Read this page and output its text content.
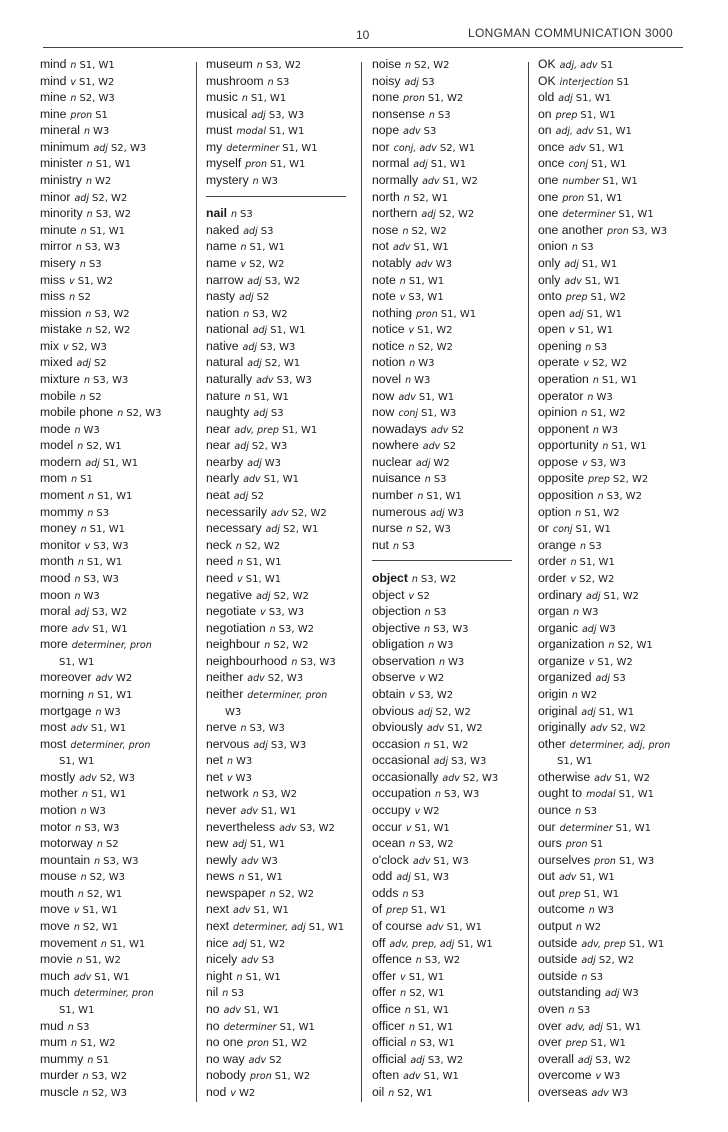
10	LONGMAN COMMUNICATION 3000
mind n S1, W1
mind v S1, W2
mine n S2, W3
mine pron S1
mineral n W3
minimum adj S2, W3
minister n S1, W1
ministry n W2
minor adj S2, W2
minority n S3, W2
minute n S1, W1
mirror n S3, W3
misery n S3
miss v S1, W2
miss n S2
mission n S3, W2
mistake n S2, W2
mix v S2, W3
mixed adj S2
mixture n S3, W3
mobile n S2
mobile phone n S2, W3
mode n W3
model n S2, W1
modern adj S1, W1
mom n S1
moment n S1, W1
mommy n S3
money n S1, W1
monitor v S3, W3
month n S1, W1
mood n S3, W3
moon n W3
moral adj S3, W2
more adv S1, W1
more determiner, pron
S1, W1
moreover adv W2
morning n S1, W1
mortgage n W3
most adv S1, W1
most determiner, pron
S1, W1
mostly adv S2, W3
mother n S1, W1
motion n W3
motor n S3, W3
motorway n S2
mountain n S3, W3
mouse n S2, W3
mouth n S2, W1
move v S1, W1
move n S2, W1
movement n S1, W1
movie n S1, W2
much adv S1, W1
much determiner, pron
S1, W1
mud n S3
mum n S1, W2
mummy n S1
murder n S3, W2
muscle n S2, W3
museum n S3, W2
mushroom n S3
music n S1, W1
musical adj S3, W3
must modal S1, W1
my determiner S1, W1
myself pron S1, W1
mystery n W3
nail n S3
naked adj S3
name n S1, W1
name v S2, W2
narrow adj S3, W2
nasty adj S2
nation n S3, W2
national adj S1, W1
native adj S3, W3
natural adj S2, W1
naturally adv S3, W3
nature n S1, W1
naughty adj S3
near adv, prep S1, W1
near adj S2, W3
nearby adj W3
nearly adv S1, W1
neat adj S2
necessarily adv S2, W2
necessary adj S2, W1
neck n S2, W2
need n S1, W1
need v S1, W1
negative adj S2, W2
negotiate v S3, W3
negotiation n S3, W2
neighbour n S2, W2
neighbourhood n S3, W3
neither adv S2, W3
neither determiner, pron
W3
nerve n S3, W3
nervous adj S3, W3
net n W3
net v W3
network n S3, W2
never adv S1, W1
nevertheless adv S3, W2
new adj S1, W1
newly adv W3
news n S1, W1
newspaper n S2, W2
next adv S1, W1
next determiner, adj S1, W1
nice adj S1, W2
nicely adv S3
night n S1, W1
nil n S3
no adv S1, W1
no determiner S1, W1
no one pron S1, W2
no way adv S2
nobody pron S1, W2
nod v W2
noise n S2, W2
noisy adj S3
none pron S1, W2
nonsense n S3
nope adv S3
nor conj, adv S2, W1
normal adj S1, W1
normally adv S1, W2
north n S2, W1
northern adj S2, W2
nose n S2, W2
not adv S1, W1
notably adv W3
note n S1, W1
note v S3, W1
nothing pron S1, W1
notice v S1, W2
notice n S2, W2
notion n W3
novel n W3
now adv S1, W1
now conj S1, W3
nowadays adv S2
nowhere adv S2
nuclear adj W2
nuisance n S3
number n S1, W1
numerous adj W3
nurse n S2, W3
nut n S3
object n S3, W2
object v S2
objection n S3
objective n S3, W3
obligation n W3
observation n W3
observe v W2
obtain v S3, W2
obvious adj S2, W2
obviously adv S1, W2
occasion n S1, W2
occasional adj S3, W3
occasionally adv S2, W3
occupation n S3, W3
occupy v W2
occur v S1, W1
ocean n S3, W2
o'clock adv S1, W3
odd adj S1, W3
odds n S3
of prep S1, W1
of course adv S1, W1
off adv, prep, adj S1, W1
offence n S3, W2
offer v S1, W1
offer n S2, W1
office n S1, W1
officer n S1, W1
official n S3, W1
official adj S3, W2
often adv S1, W1
oil n S2, W1
OK adj, adv S1
OK interjection S1
old adj S1, W1
on prep S1, W1
on adj, adv S1, W1
once adv S1, W1
once conj S1, W1
one number S1, W1
one pron S1, W1
one determiner S1, W1
one another pron S3, W3
onion n S3
only adj S1, W1
only adv S1, W1
onto prep S1, W2
open adj S1, W1
open v S1, W1
opening n S3
operate v S2, W2
operation n S1, W1
operator n W3
opinion n S1, W2
opponent n W3
opportunity n S1, W1
oppose v S3, W3
opposite prep S2, W2
opposition n S3, W2
option n S1, W2
or conj S1, W1
orange n S3
order n S1, W1
order v S2, W2
ordinary adj S1, W2
organ n W3
organic adj W3
organization n S2, W1
organize v S1, W2
organized adj S3
origin n W2
original adj S1, W1
originally adv S2, W2
other determiner, adj, pron
S1, W1
otherwise adv S1, W2
ought to modal S1, W1
ounce n S3
our determiner S1, W1
ours pron S1
ourselves pron S1, W3
out adv S1, W1
out prep S1, W1
outcome n W3
output n W2
outside adv, prep S1, W1
outside adj S2, W2
outside n S3
outstanding adj W3
oven n S3
over adv, adj S1, W1
over prep S1, W1
overall adj S3, W2
overcome v W3
overseas adv W3
